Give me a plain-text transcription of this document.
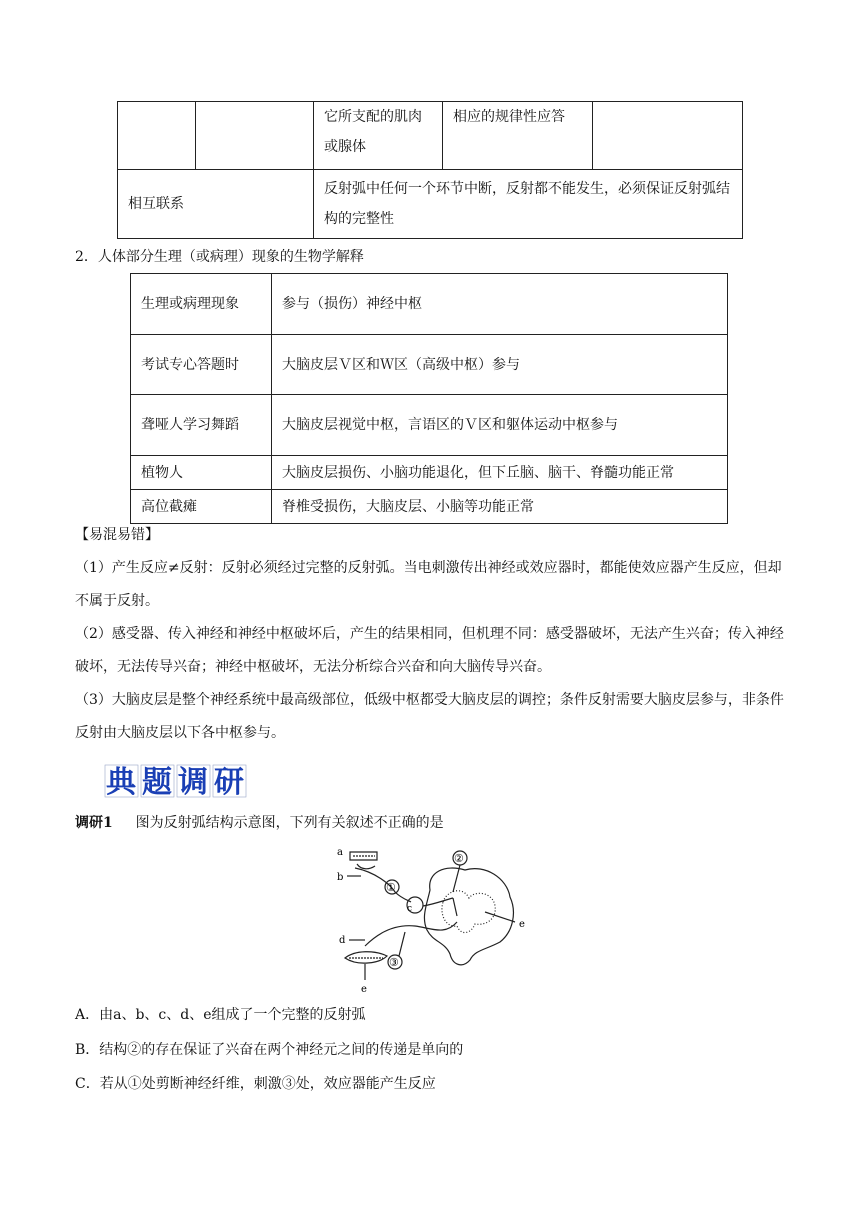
		它所支配的肌肉或腺体	相应的规律性应答	
相互联系		反射弧中任何一个环节中断，反射都不能发生，必须保证反射弧结构的完整性		

2．人体部分生理（或病理）现象的生物学解释

生理或病理现象	参与（损伤）神经中枢
考试专心答题时	大脑皮层Ｖ区和Ｗ区（高级中枢）参与
聋哑人学习舞蹈	大脑皮层视觉中枢，言语区的Ｖ区和躯体运动中枢参与
植物人	大脑皮层损伤、小脑功能退化，但下丘脑、脑干、脊髓功能正常
高位截瘫	脊椎受损伤，大脑皮层、小脑等功能正常

【易混易错】

（1）产生反应≠反射：反射必须经过完整的反射弧。当电刺激传出神经或效应器时，都能使效应器产生反应，但却不属于反射。

（2）感受器、传入神经和神经中枢破坏后，产生的结果相同，但机理不同：感受器破坏，无法产生兴奋；传入神经破坏，无法传导兴奋；神经中枢破坏，无法分析综合兴奋和向大脑传导兴奋。

（3）大脑皮层是整个神经系统中最高级部位，低级中枢都受大脑皮层的调控；条件反射需要大脑皮层参与，非条件反射由大脑皮层以下各中枢参与。

典 题 调 研
调研1 图为反射弧结构示意图，下列有关叙述不正确的是
a
b
c
d
e
e
①
②
③
A．由a、b、c、d、e组成了一个完整的反射弧
B．结构②的存在保证了兴奋在两个神经元之间的传递是单向的
C．若从①处剪断神经纤维，刺激③处，效应器能产生反应
